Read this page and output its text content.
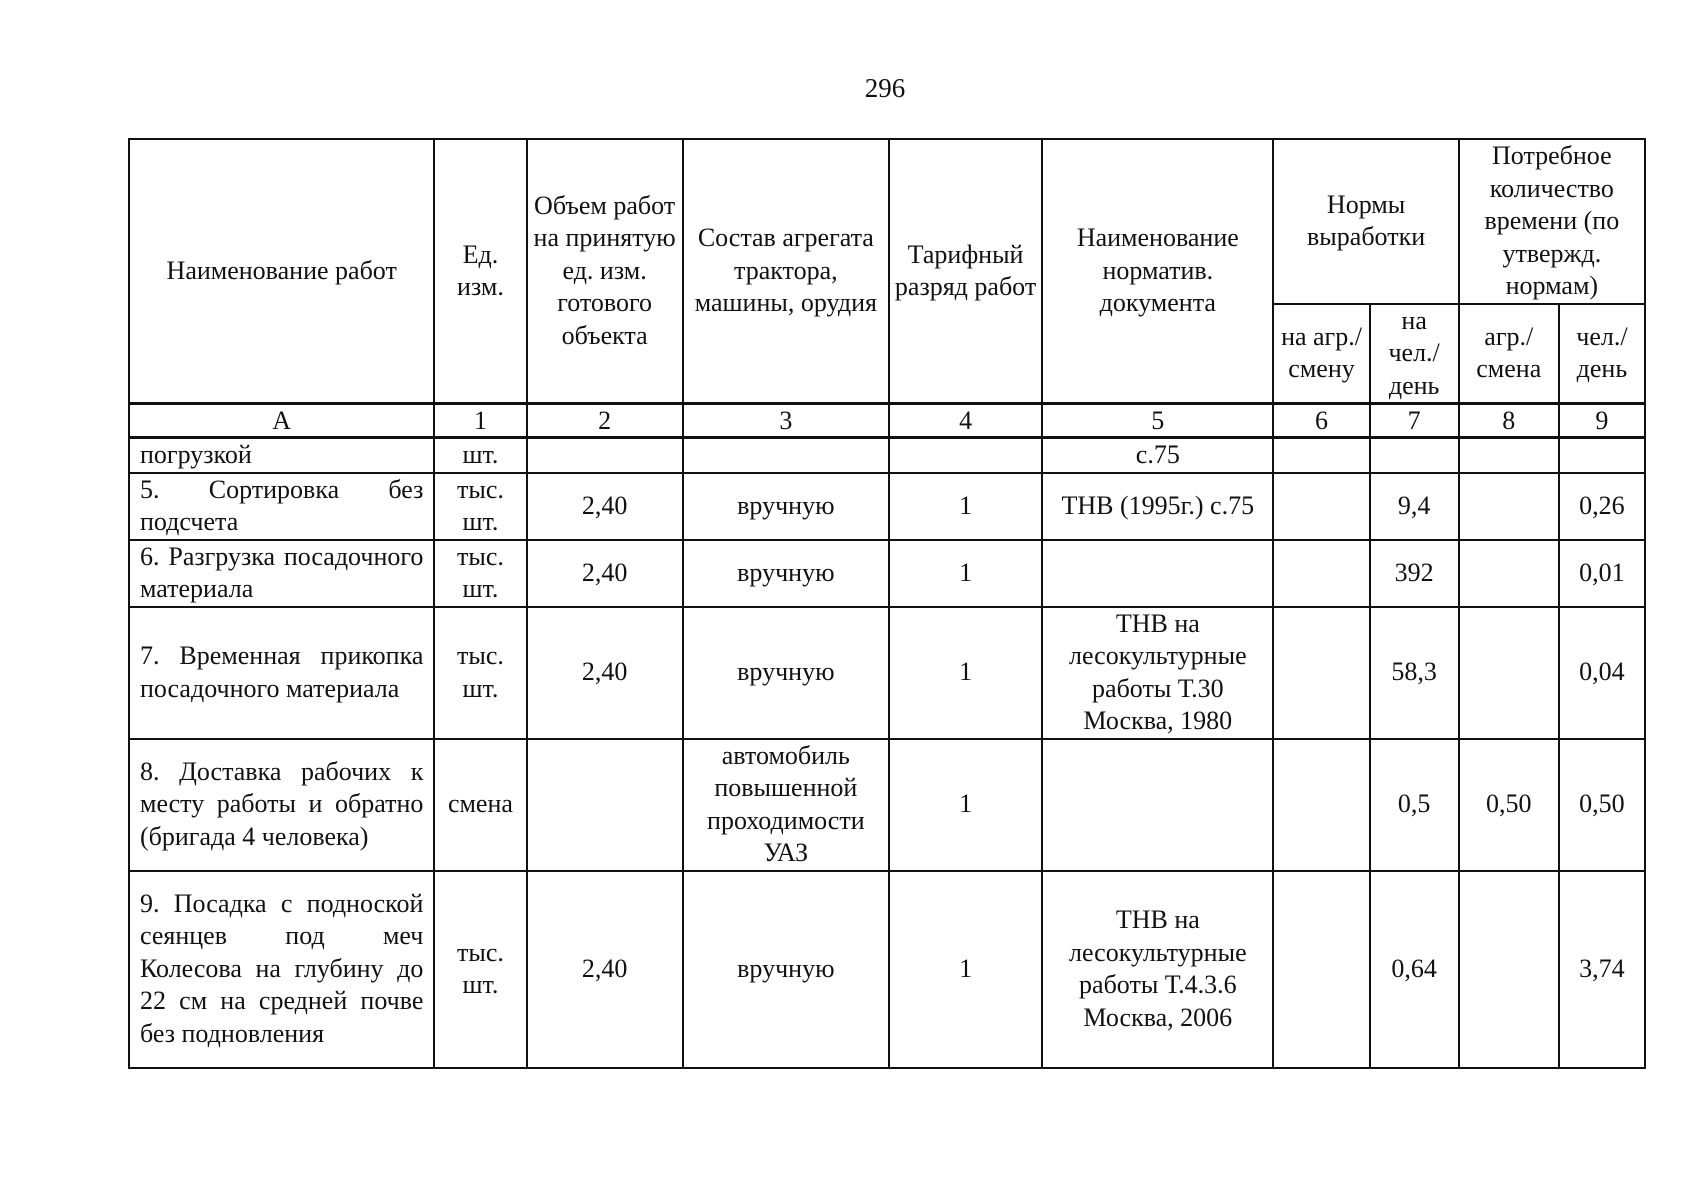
296
Наименование работ	Ед. изм.	Объем работ на принятую ед. изм. готового объекта	Состав агрегата трактора, машины, орудия	Тарифный разряд работ	Наименование норматив. документа	Нормы выработки		Потребное количество времени (по утвержд. нормам)	
						на агр./ смену	на чел./ день	агр./ смена	чел./ день
А	1	2	3	4	5	6	7	8	9
погрузкой	шт.				с.75				
5. Сортировка без подсчета	тыс. шт.	2,40	вручную	1	ТНВ (1995г.) с.75		9,4		0,26
6. Разгрузка посадочного материала	тыс. шт.	2,40	вручную	1			392		0,01
7. Временная прикопка посадочного материала	тыс. шт.	2,40	вручную	1	ТНВ на лесокультурные работы Т.30 Москва, 1980		58,3		0,04
8. Доставка рабочих к месту работы и обратно (бригада 4 человека)	смена		автомобиль повышенной проходимости УАЗ	1			0,5	0,50	0,50
9. Посадка с подноской сеянцев под меч Колесова на глубину до 22 см на средней почве без подновления	тыс. шт.	2,40	вручную	1	ТНВ на лесокультурные работы Т.4.3.6 Москва, 2006		0,64		3,74
